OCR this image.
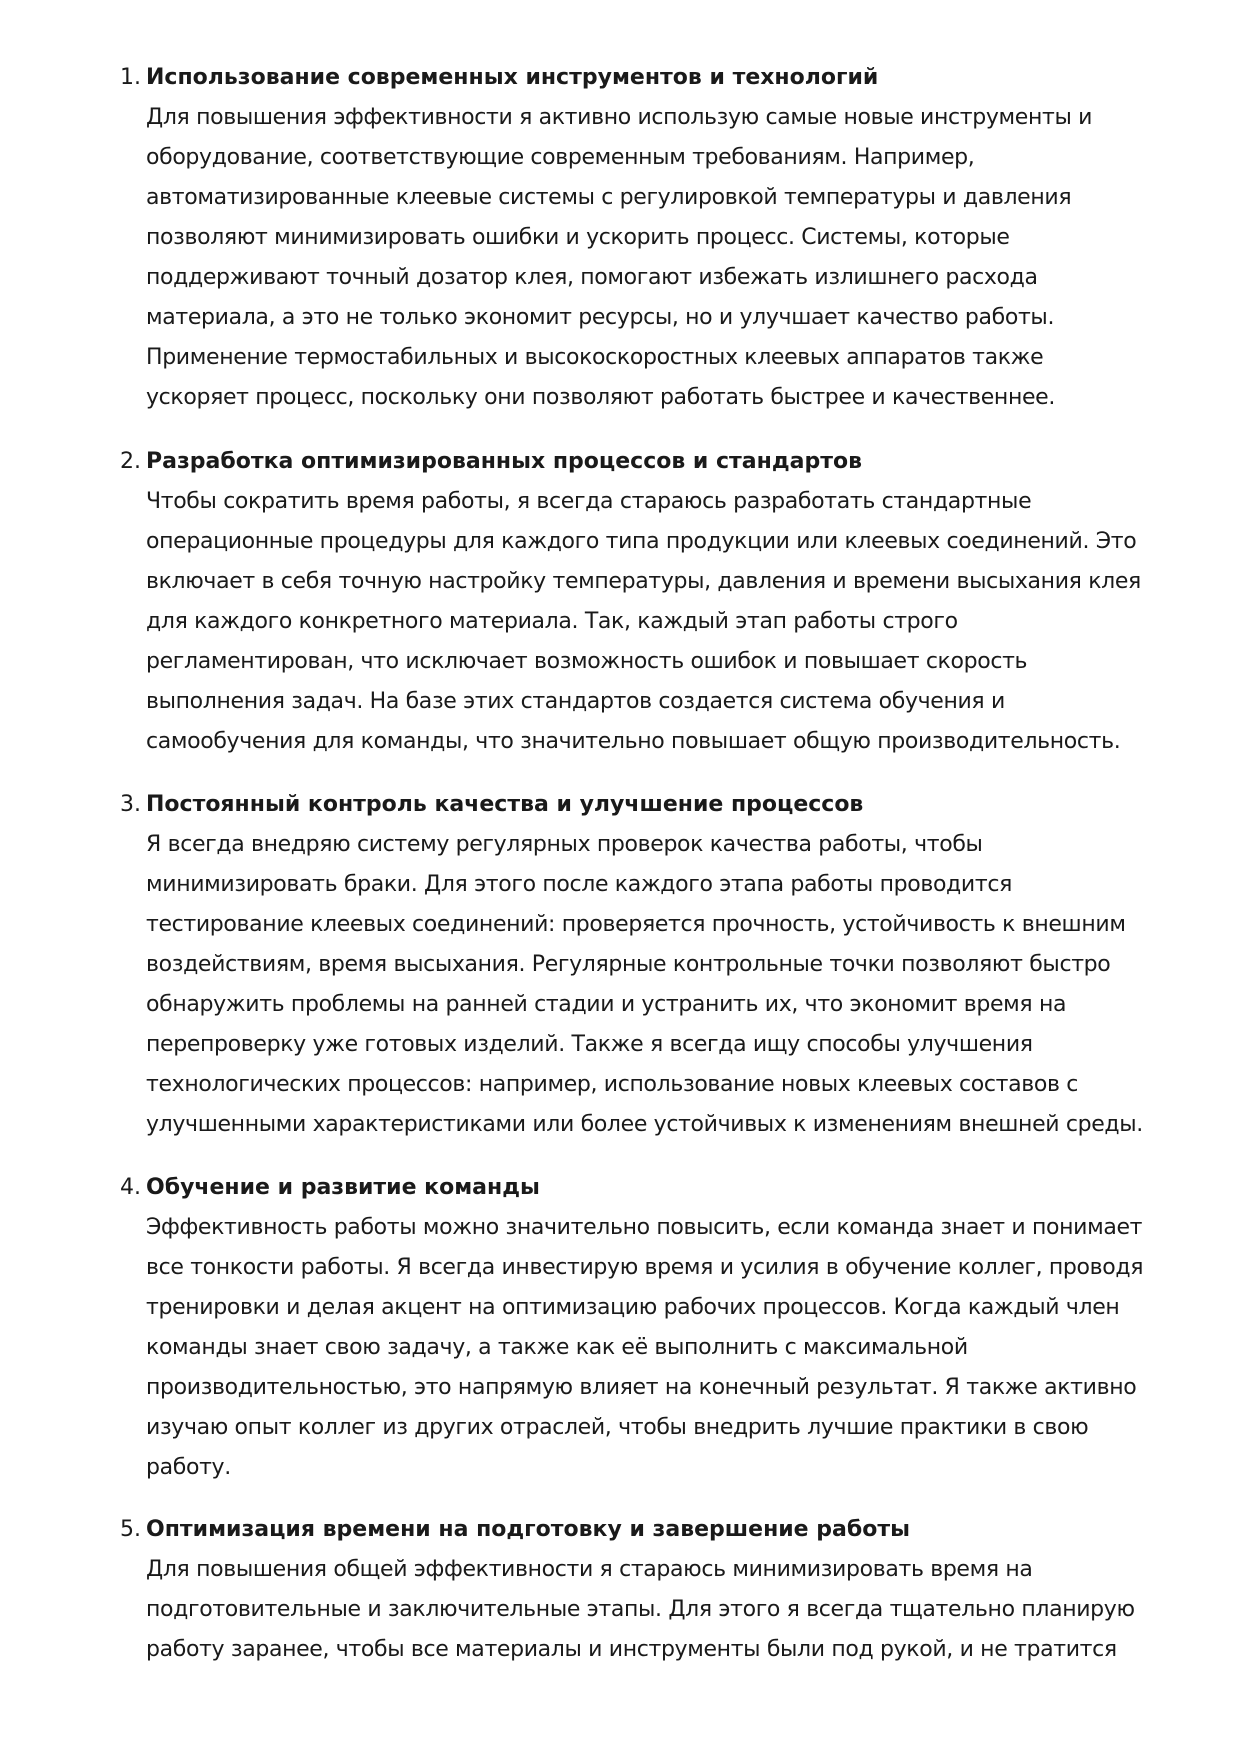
1. Использование современных инструментов и технологий
Для повышения эффективности я активно использую самые новые инструменты и
оборудование, соответствующие современным требованиям. Например,
автоматизированные клеевые системы с регулировкой температуры и давления
позволяют минимизировать ошибки и ускорить процесс. Системы, которые
поддерживают точный дозатор клея, помогают избежать излишнего расхода
материала, а это не только экономит ресурсы, но и улучшает качество работы.
Применение термостабильных и высокоскоростных клеевых аппаратов также
ускоряет процесс, поскольку они позволяют работать быстрее и качественнее.
2. Разработка оптимизированных процессов и стандартов
Чтобы сократить время работы, я всегда стараюсь разработать стандартные
операционные процедуры для каждого типа продукции или клеевых соединений. Это
включает в себя точную настройку температуры, давления и времени высыхания клея
для каждого конкретного материала. Так, каждый этап работы строго
регламентирован, что исключает возможность ошибок и повышает скорость
выполнения задач. На базе этих стандартов создается система обучения и
самообучения для команды, что значительно повышает общую производительность.
3. Постоянный контроль качества и улучшение процессов
Я всегда внедряю систему регулярных проверок качества работы, чтобы
минимизировать браки. Для этого после каждого этапа работы проводится
тестирование клеевых соединений: проверяется прочность, устойчивость к внешним
воздействиям, время высыхания. Регулярные контрольные точки позволяют быстро
обнаружить проблемы на ранней стадии и устранить их, что экономит время на
перепроверку уже готовых изделий. Также я всегда ищу способы улучшения
технологических процессов: например, использование новых клеевых составов с
улучшенными характеристиками или более устойчивых к изменениям внешней среды.
4. Обучение и развитие команды
Эффективность работы можно значительно повысить, если команда знает и понимает
все тонкости работы. Я всегда инвестирую время и усилия в обучение коллег, проводя
тренировки и делая акцент на оптимизацию рабочих процессов. Когда каждый член
команды знает свою задачу, а также как её выполнить с максимальной
производительностью, это напрямую влияет на конечный результат. Я также активно
изучаю опыт коллег из других отраслей, чтобы внедрить лучшие практики в свою
работу.
5. Оптимизация времени на подготовку и завершение работы
Для повышения общей эффективности я стараюсь минимизировать время на
подготовительные и заключительные этапы. Для этого я всегда тщательно планирую
работу заранее, чтобы все материалы и инструменты были под рукой, и не тратится
